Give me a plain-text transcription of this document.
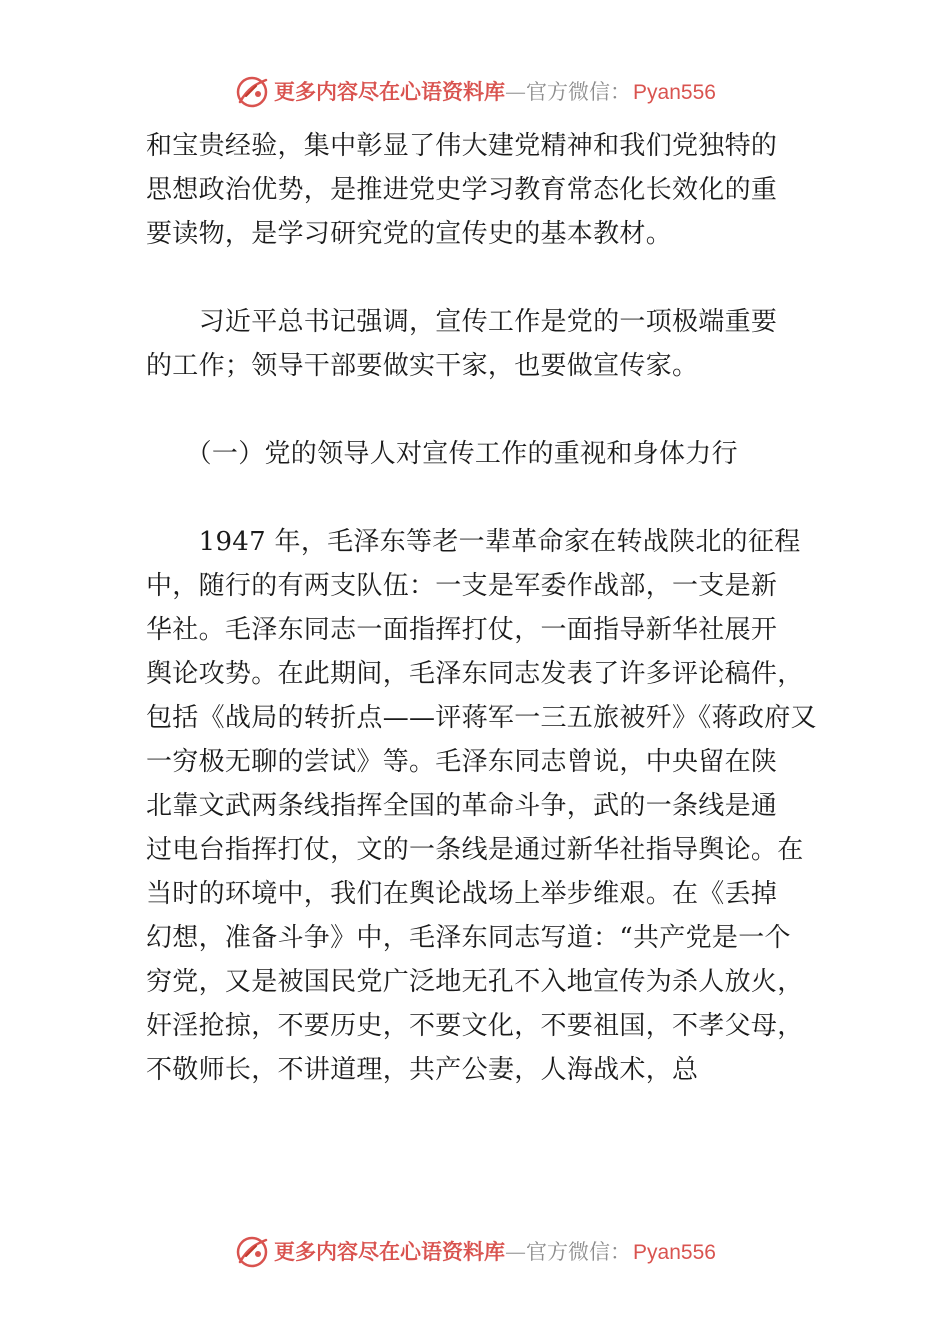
更多内容尽在心语资料库—官方微信：Pyan556
和宝贵经验，集中彰显了伟大建党精神和我们党独特的
思想政治优势，是推进党史学习教育常态化长效化的重
要读物，是学习研究党的宣传史的基本教材。
　　习近平总书记强调，宣传工作是党的一项极端重要
的工作；领导干部要做实干家，也要做宣传家。
　　（一）党的领导人对宣传工作的重视和身体力行
　　1947 年，毛泽东等老一辈革命家在转战陕北的征程
中，随行的有两支队伍：一支是军委作战部，一支是新
华社。毛泽东同志一面指挥打仗，一面指导新华社展开
舆论攻势。在此期间，毛泽东同志发表了许多评论稿件，
包括《战局的转折点——评蒋军一三五旅被歼》《蒋政府又
一穷极无聊的尝试》等。毛泽东同志曾说，中央留在陕
北靠文武两条线指挥全国的革命斗争，武的一条线是通
过电台指挥打仗，文的一条线是通过新华社指导舆论。在
当时的环境中，我们在舆论战场上举步维艰。在《丢掉
幻想，准备斗争》中，毛泽东同志写道：“共产党是一个
穷党，又是被国民党广泛地无孔不入地宣传为杀人放火，
奸淫抢掠，不要历史，不要文化，不要祖国，不孝父母，
不敬师长，不讲道理，共产公妻，人海战术，总
更多内容尽在心语资料库—官方微信：Pyan556
